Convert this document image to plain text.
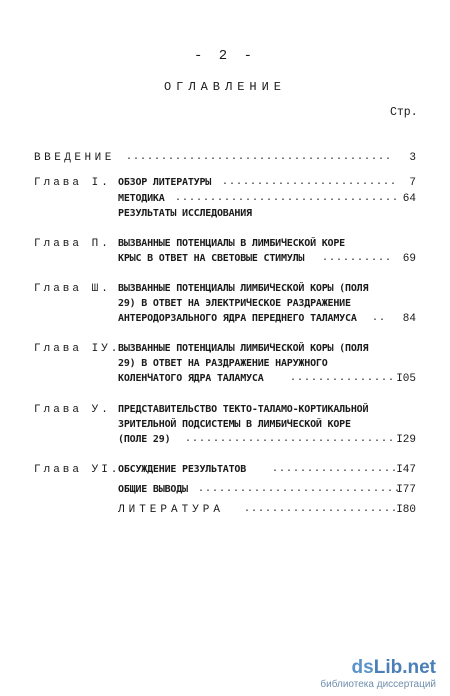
- 2 -
ОГЛАВЛЕНИЕ
Стр.
ВВЕДЕНИЕ ...................................... 3
Глава I. ОБЗОР ЛИТЕРАТУРЫ ......................... 7
МЕТОДИКА ................................ 64
РЕЗУЛЬТАТЫ ИССЛЕДОВАНИЯ
Глава П. ВЫЗВАННЫЕ ПОТЕНЦИАЛЫ В ЛИМБИЧЕСКОЙ КОРЕ
КРЫС В ОТВЕТ НА СВЕТОВЫЕ СТИМУЛЫ .......... 69
Глава Ш. ВЫЗВАННЫЕ ПОТЕНЦИАЛЫ ЛИМБИЧЕСКОЙ КОРЫ (ПОЛЯ
29) В ОТВЕТ НА ЭЛЕКТРИЧЕСКОЕ РАЗДРАЖЕНИЕ
АНТЕРОДОРЗАЛЬНОГО ЯДРА ПЕРЕДНЕГО ТАЛАМУСА .. 84
Глава IУ.
ВЫЗВАННЫЕ ПОТЕНЦИАЛЫ ЛИМБИЧЕСКОЙ КОРЫ (ПОЛЯ
29) В ОТВЕТ НА РАЗДРАЖЕНИЕ НАРУЖНОГО
КОЛЕНЧАТОГО ЯДРА ТАЛАМУСА	............... I05
Глава У. ПРЕДСТАВИТЕЛЬСТВО ТЕКТО-ТАЛАМО-КОРТИКАЛЬНОЙ
ЗРИТЕЛЬНОЙ ПОДСИСТЕМЫ В ЛИМБИЧЕСКОЙ КОРЕ
(ПОЛЕ 29) .............................. I29
Глава УI.
ОБСУЖДЕНИЕ РЕЗУЛЬТАТОВ	..................
I47
ОБЩИЕ ВЫВОДЫ .............................
I77
ЛИТЕРАТУРА ......................
I80
dsLib.net
библиотека диссертаций
